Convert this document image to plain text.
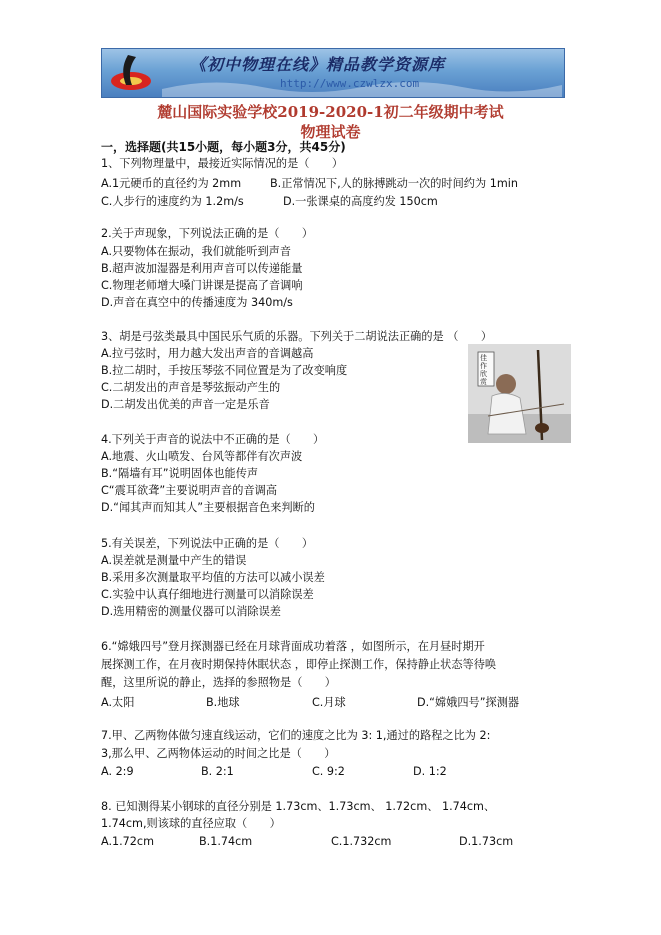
《初中物理在线》精品教学资源库
http://www.czwlzx.com
麓山国际实验学校2019-2020-1初二年级期中考试
物理试卷
一，选择题(共15小题，每小题3分，共45分)
1、下列物理量中，最接近实际情况的是（　　）
A.1元硬币的直径约为 2mm	B.正常情况下,人的脉搏跳动一次的时间约为 1min
C.人步行的速度约为 1.2m/s	D.一张课桌的高度约发 150cm
2.关于声现象，下列说法正确的是（　　）
A.只要物体在振动，我们就能听到声音
B.超声波加湿器是利用声音可以传递能量
C.物理老师增大嗓门讲课是提高了音调响
D.声音在真空中的传播速度为 340m/s
3、胡是弓弦类最具中国民乐气质的乐器。下列关于二胡说法正确的是 （　　）
A.拉弓弦时，用力越大发出声音的音调越高
B.拉二胡时，手按压琴弦不同位置是为了改变响度
C.二胡发出的声音是琴弦振动产生的
D.二胡发出优美的声音一定是乐音
佳作欣赏
4.下列关于声音的说法中不正确的是（　　）
A.地震、火山喷发、台风等都伴有次声波
B.“隔墙有耳”说明固体也能传声
C“震耳欲聋”主要说明声音的音调高
D.“闻其声而知其人”主要根据音色来判断的
5.有关误差，下列说法中正确的是（　　）
A.误差就是测量中产生的错误
B.采用多次测量取平均值的方法可以减小误差
C.实验中认真仔细地进行测量可以消除误差
D.选用精密的测量仪器可以消除误差
6.“嫦娥四号”登月探测器已经在月球背面成功着落 ，如图所示，在月昼时期开
展探测工作，在月夜时期保持休眠状态 ，即停止探测工作，保持静止状态等待唤
醒，这里所说的静止，选择的参照物是（　　）
A.太阳	B.地球	C.月球	D.“嫦娥四号”探测器
7.甲、乙两物体做匀速直线运动，它们的速度之比为 3: 1,通过的路程之比为 2:
3,那么甲、乙两物体运动的时间之比是（　　）
A. 2:9	B. 2:1	C. 9:2	D. 1:2
8. 已知测得某小钢球的直径分别是 1.73cm、1.73cm、 1.72cm、 1.74cm、
1.74cm,则该球的直径应取（　　）
A.1.72cm	B.1.74cm	C.1.732cm	D.1.73cm
